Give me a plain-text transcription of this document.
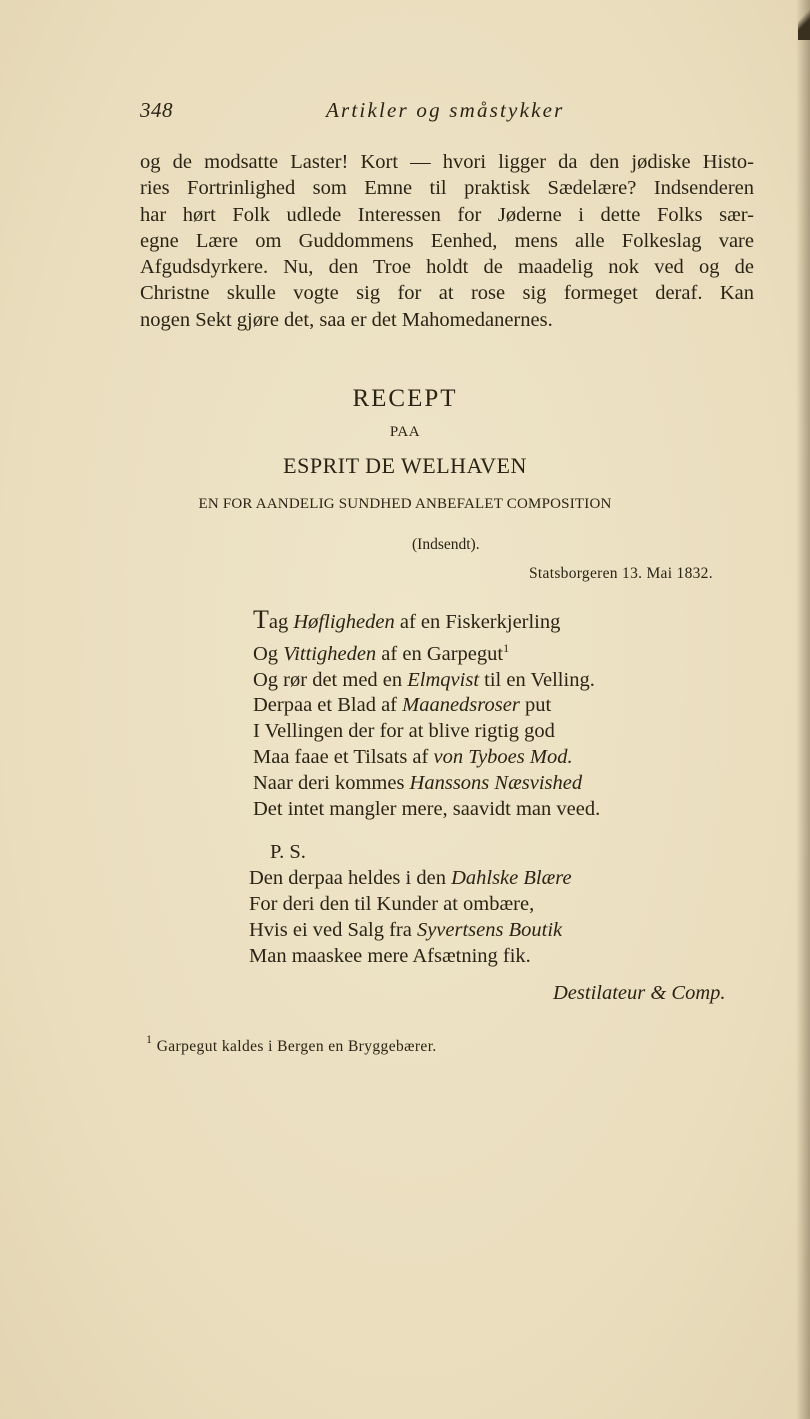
348	Artikler og småstykker
og de modsatte Laster! Kort — hvori ligger da den jødiske Histo-
ries Fortrinlighed som Emne til praktisk Sædelære? Indsenderen
har hørt Folk udlede Interessen for Jøderne i dette Folks sær-
egne Lære om Guddommens Eenhed, mens alle Folkeslag vare
Afgudsdyrkere. Nu, den Troe holdt de maadelig nok ved og de
Christne skulle vogte sig for at rose sig formeget deraf. Kan
nogen Sekt gjøre det, saa er det Mahomedanernes.
RECEPT
PAA
ESPRIT DE WELHAVEN
EN FOR AANDELIG SUNDHED ANBEFALET COMPOSITION
(Indsendt).
Statsborgeren 13. Mai 1832.
Tag Høfligheden af en Fiskerkjerling
Og Vittigheden af en Garpegut$^1$
Og rør det med en Elmqvist til en Velling.
Derpaa et Blad af Maanedsroser put
I Vellingen der for at blive rigtig god
Maa faae et Tilsats af von Tyboes Mod.
Naar deri kommes Hanssons Næsvished
Det intet mangler mere, saavidt man veed.
P. S.
Den derpaa heldes i den Dahlske Blære
For deri den til Kunder at ombære,
Hvis ei ved Salg fra Syvertsens Boutik
Man maaskee mere Afsætning fik.
Destilateur & Comp.
$^1$ Garpegut kaldes i Bergen en Bryggebærer.
